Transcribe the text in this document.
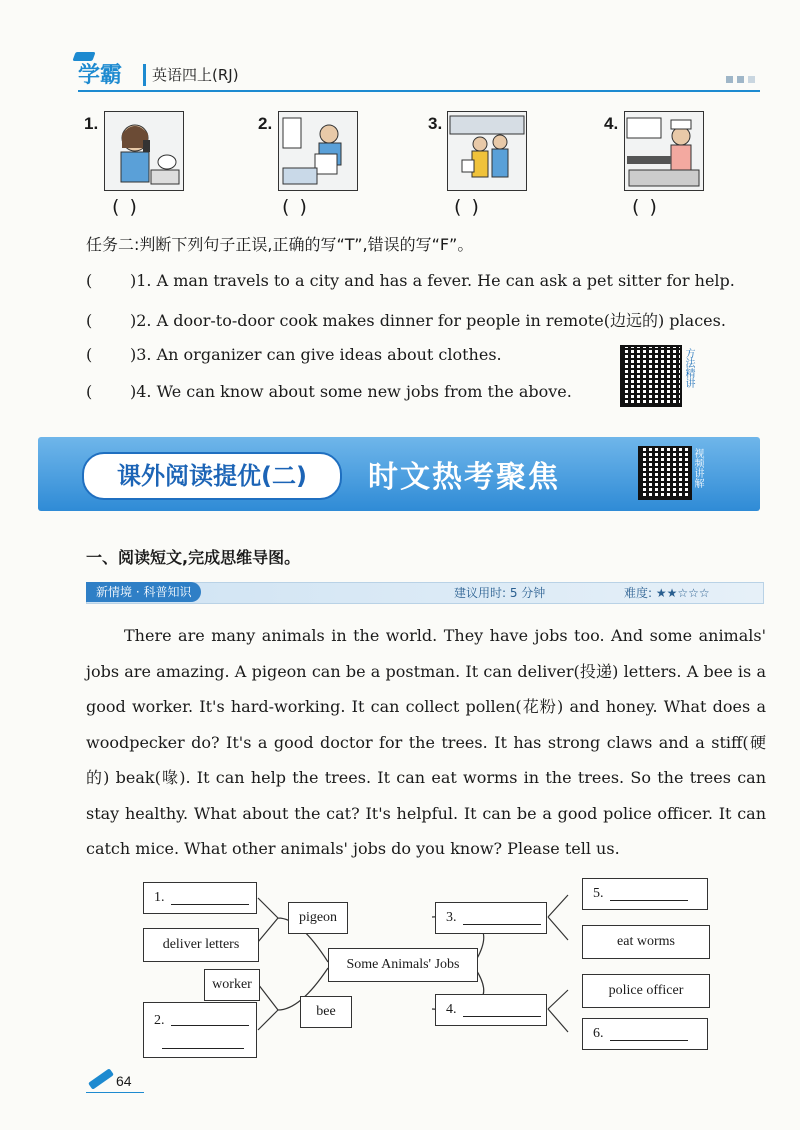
学霸 英语四上(RJ)
1.
( )
2.
( )
3.
( )
4.
( )
任务二:判断下列句子正误,正确的写“T”,错误的写“F”。
( )1. A man travels to a city and has a fever. He can ask a pet sitter for help.
( )2. A door-to-door cook makes dinner for people in remote(边远的) places.
( )3. An organizer can give ideas about clothes.
( )4. We can know about some new jobs from the above.
方法精讲
课外阅读提优(二)	时文热考聚焦	视频讲解
一、阅读短文,完成思维导图。
新情境 · 科普知识	建议用时: 5 分钟	难度: ★★☆☆☆
There are many animals in the world. They have jobs too. And some animals' jobs are amazing. A pigeon can be a postman. It can deliver(投递) letters. A bee is a good worker. It's hard-working. It can collect pollen(花粉) and honey. What does a woodpecker do? It's a good doctor for the trees. It has strong claws and a stiff(硬的) beak(喙). It can help the trees. It can eat worms in the trees. So the trees can stay healthy. What about the cat? It's helpful. It can be a good police officer. It can catch mice. What other animals' jobs do you know? Please tell us.
1.
deliver letters
pigeon
Some Animals' Jobs
worker
bee
2.
3.
4.
5.
eat worms
police officer
6.
64
